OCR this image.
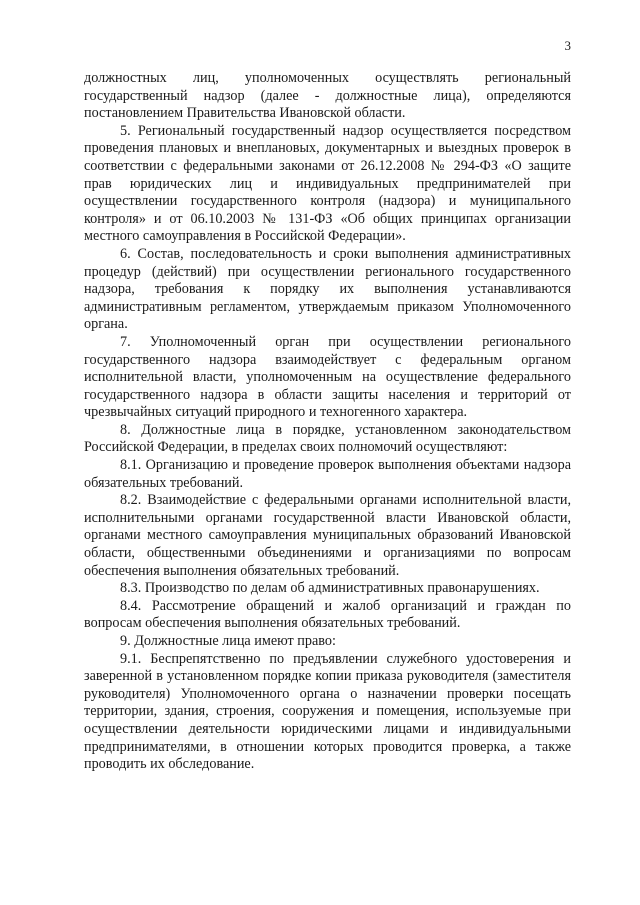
3

должностных лиц, уполномоченных осуществлять региональный государственный надзор (далее - должностные лица), определяются постановлением Правительства Ивановской области.

5. Региональный государственный надзор осуществляется посредством проведения плановых и внеплановых, документарных и выездных проверок в соответствии с федеральными законами от 26.12.2008 № 294-ФЗ «О защите прав юридических лиц и индивидуальных предпринимателей при осуществлении государственного контроля (надзора) и муниципального контроля» и от 06.10.2003 № 131-ФЗ «Об общих принципах организации местного самоуправления в Российской Федерации».

6. Состав, последовательность и сроки выполнения административных процедур (действий) при осуществлении регионального государственного надзора, требования к порядку их выполнения устанавливаются административным регламентом, утверждаемым приказом Уполномоченного органа.

7. Уполномоченный орган при осуществлении регионального государственного надзора взаимодействует с федеральным органом исполнительной власти, уполномоченным на осуществление федерального государственного надзора в области защиты населения и территорий от чрезвычайных ситуаций природного и техногенного характера.

8. Должностные лица в порядке, установленном законодательством Российской Федерации, в пределах своих полномочий осуществляют:

8.1. Организацию и проведение проверок выполнения объектами надзора обязательных требований.

8.2. Взаимодействие с федеральными органами исполнительной власти, исполнительными органами государственной власти Ивановской области, органами местного самоуправления муниципальных образований Ивановской области, общественными объединениями и организациями по вопросам обеспечения выполнения обязательных требований.

8.3. Производство по делам об административных правонарушениях.

8.4. Рассмотрение обращений и жалоб организаций и граждан по вопросам обеспечения выполнения обязательных требований.

9. Должностные лица имеют право:

9.1. Беспрепятственно по предъявлении служебного удостоверения и заверенной в установленном порядке копии приказа руководителя (заместителя руководителя) Уполномоченного органа о назначении проверки посещать территории, здания, строения, сооружения и помещения, используемые при осуществлении деятельности юридическими лицами и индивидуальными предпринимателями, в отношении которых проводится проверка, а также проводить их обследование.
